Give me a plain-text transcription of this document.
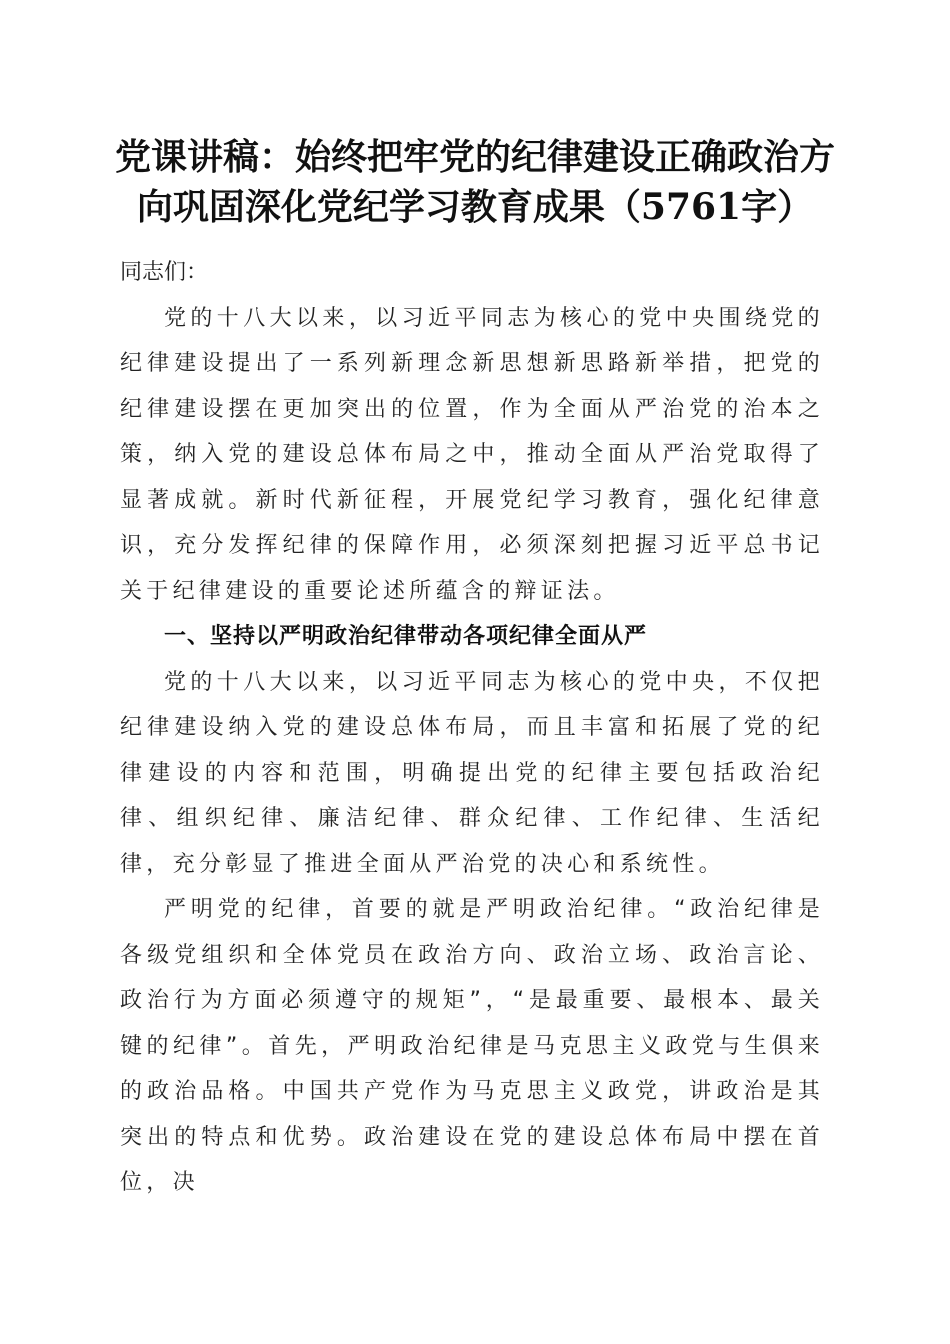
党课讲稿：始终把牢党的纪律建设正确政治方
向巩固深化党纪学习教育成果（5761字）

同志们：

党的十八大以来，以习近平同志为核心的党中央围绕党的纪律建设提出了一系列新理念新思想新思路新举措，把党的纪律建设摆在更加突出的位置，作为全面从严治党的治本之策，纳入党的建设总体布局之中，推动全面从严治党取得了显著成就。新时代新征程，开展党纪学习教育，强化纪律意识，充分发挥纪律的保障作用，必须深刻把握习近平总书记关于纪律建设的重要论述所蕴含的辩证法。

一、坚持以严明政治纪律带动各项纪律全面从严

党的十八大以来，以习近平同志为核心的党中央，不仅把纪律建设纳入党的建设总体布局，而且丰富和拓展了党的纪律建设的内容和范围，明确提出党的纪律主要包括政治纪律、组织纪律、廉洁纪律、群众纪律、工作纪律、生活纪律，充分彰显了推进全面从严治党的决心和系统性。

严明党的纪律，首要的就是严明政治纪律。“政治纪律是各级党组织和全体党员在政治方向、政治立场、政治言论、政治行为方面必须遵守的规矩”，“是最重要、最根本、最关键的纪律”。首先，严明政治纪律是马克思主义政党与生俱来的政治品格。中国共产党作为马克思主义政党，讲政治是其突出的特点和优势。政治建设在党的建设总体布局中摆在首位，决
